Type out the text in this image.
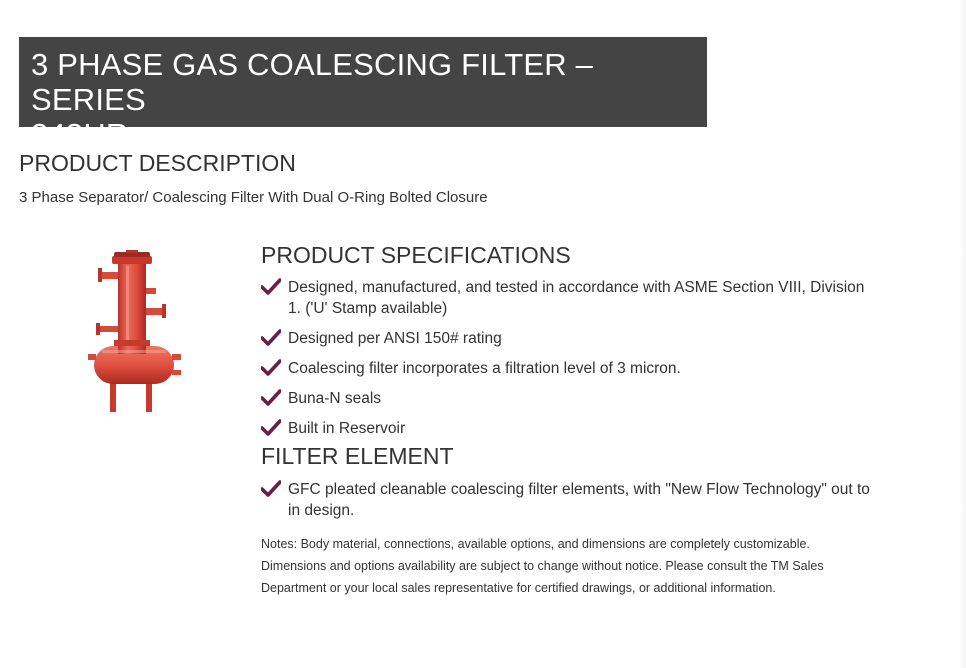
3 PHASE GAS COALESCING FILTER – SERIES
343HR
PRODUCT DESCRIPTION

3 Phase Separator/ Coalescing Filter With Dual O-Ring Bolted Closure

PRODUCT SPECIFICATIONS
Designed, manufactured, and tested in accordance with ASME Section VIII, Division
1. ('U' Stamp available)
Designed per ANSI 150# rating
Coalescing filter incorporates a filtration level of 3 micron.
Buna-N seals
Built in Reservoir
FILTER ELEMENT
GFC pleated cleanable coalescing filter elements, with "New Flow Technology" out to
in design.

Notes: Body material, connections, available options, and dimensions are completely customizable.
Dimensions and options availability are subject to change without notice. Please consult the TM Sales
Department or your local sales representative for certified drawings, or additional information.
